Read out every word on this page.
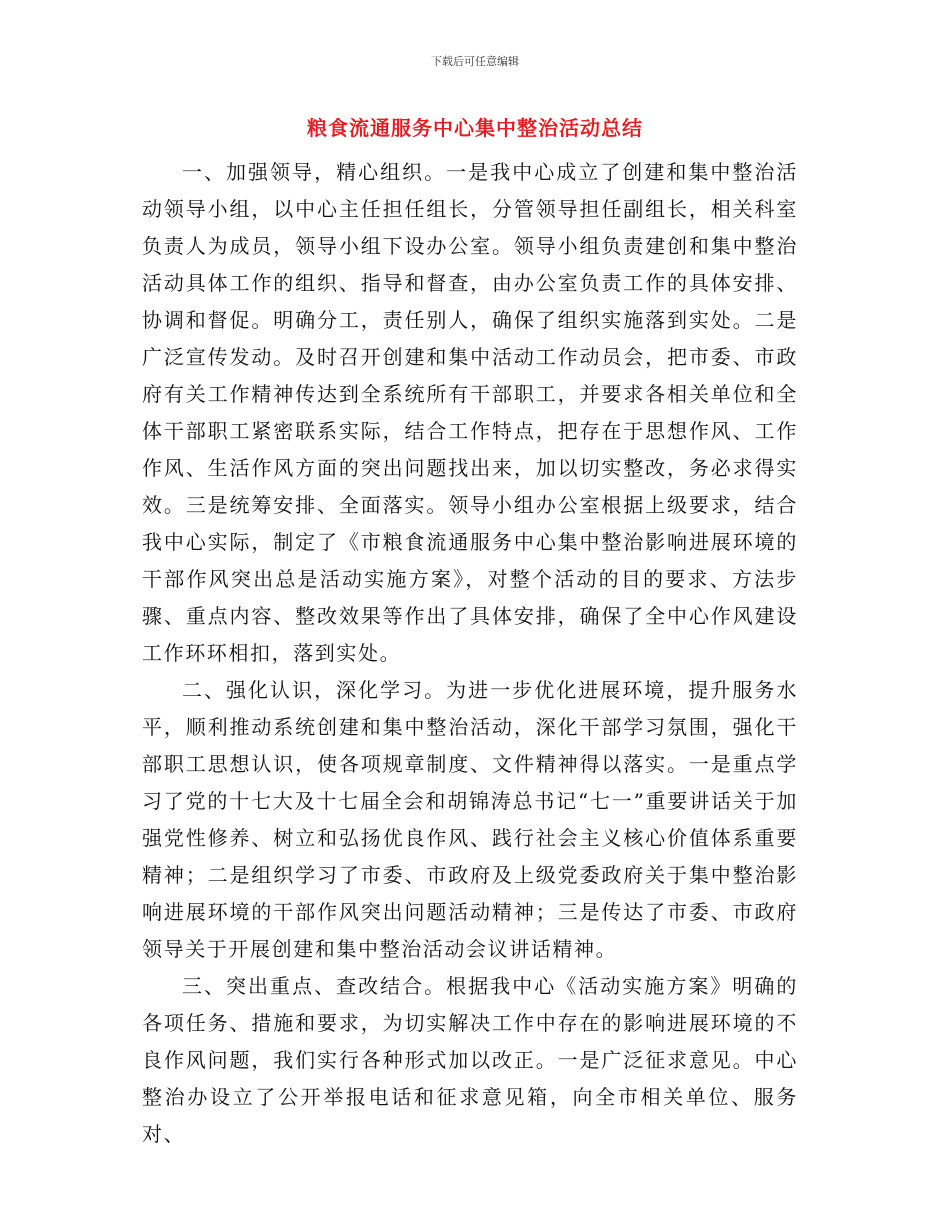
下载后可任意编辑
粮食流通服务中心集中整治活动总结

一、加强领导，精心组织。一是我中心成立了创建和集中整治活动领导小组，以中心主任担任组长，分管领导担任副组长，相关科室负责人为成员，领导小组下设办公室。领导小组负责建创和集中整治活动具体工作的组织、指导和督查，由办公室负责工作的具体安排、协调和督促。明确分工，责任别人，确保了组织实施落到实处。二是广泛宣传发动。及时召开创建和集中活动工作动员会，把市委、市政府有关工作精神传达到全系统所有干部职工，并要求各相关单位和全体干部职工紧密联系实际，结合工作特点，把存在于思想作风、工作作风、生活作风方面的突出问题找出来，加以切实整改，务必求得实效。三是统筹安排、全面落实。领导小组办公室根据上级要求，结合我中心实际，制定了《市粮食流通服务中心集中整治影响进展环境的干部作风突出总是活动实施方案》，对整个活动的目的要求、方法步骤、重点内容、整改效果等作出了具体安排，确保了全中心作风建设工作环环相扣，落到实处。

二、强化认识，深化学习。为进一步优化进展环境，提升服务水平，顺利推动系统创建和集中整治活动，深化干部学习氛围，强化干部职工思想认识，使各项规章制度、文件精神得以落实。一是重点学习了党的十七大及十七届全会和胡锦涛总书记“七一”重要讲话关于加强党性修养、树立和弘扬优良作风、践行社会主义核心价值体系重要精神；二是组织学习了市委、市政府及上级党委政府关于集中整治影响进展环境的干部作风突出问题活动精神；三是传达了市委、市政府领导关于开展创建和集中整治活动会议讲话精神。

三、突出重点、查改结合。根据我中心《活动实施方案》明确的各项任务、措施和要求，为切实解决工作中存在的影响进展环境的不良作风问题，我们实行各种形式加以改正。一是广泛征求意见。中心整治办设立了公开举报电话和征求意见箱，向全市相关单位、服务对、
